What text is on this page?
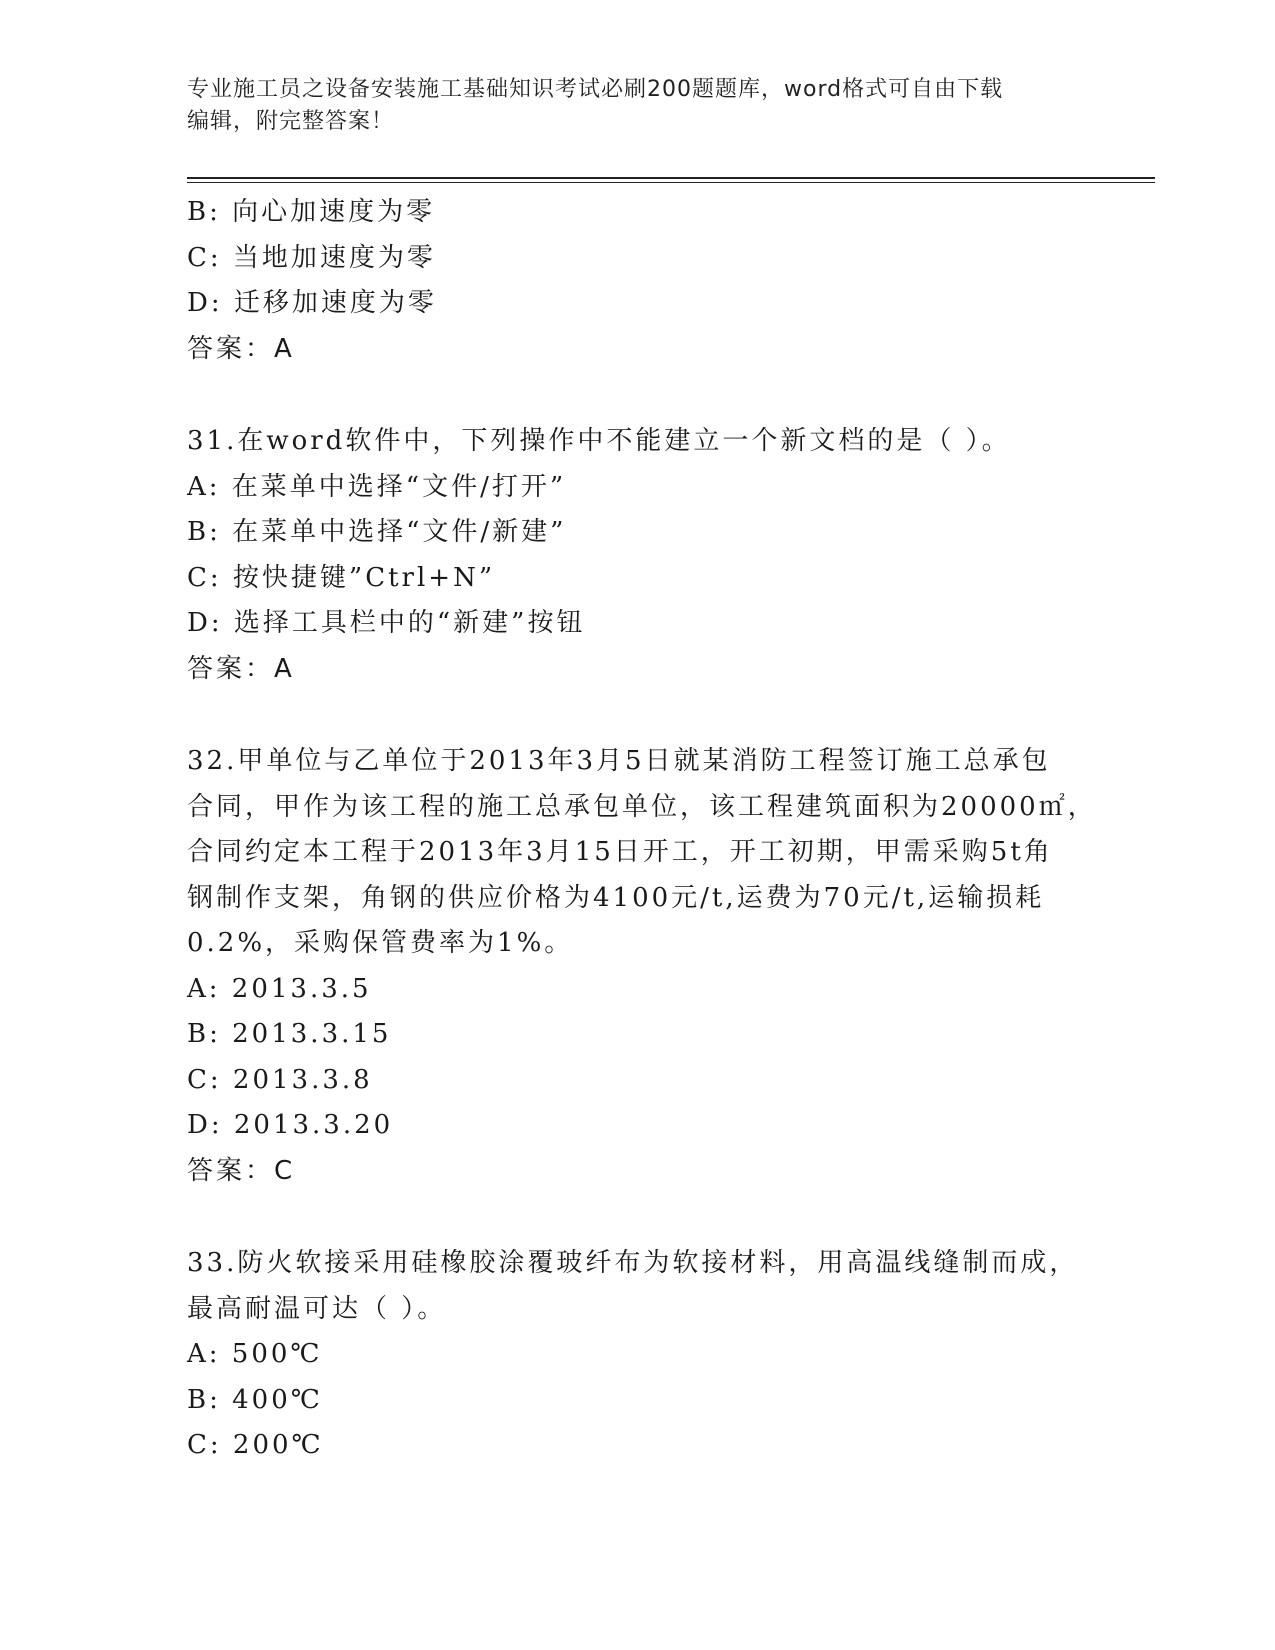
专业施工员之设备安装施工基础知识考试必刷200题题库，word格式可自由下载
编辑，附完整答案！
B: 向心加速度为零
C: 当地加速度为零
D: 迁移加速度为零
答案：A
31.在word软件中，下列操作中不能建立一个新文档的是（ ）。
A: 在菜单中选择“文件/打开”
B: 在菜单中选择“文件/新建”
C: 按快捷键”Ctrl+N”
D: 选择工具栏中的“新建”按钮
答案：A
32.甲单位与乙单位于2013年3月5日就某消防工程签订施工总承包
合同，甲作为该工程的施工总承包单位，该工程建筑面积为20000㎡，
合同约定本工程于2013年3月15日开工，开工初期，甲需采购5t角
钢制作支架，角钢的供应价格为4100元/t,运费为70元/t,运输损耗
0.2%，采购保管费率为1%。
A: 2013.3.5
B: 2013.3.15
C: 2013.3.8
D: 2013.3.20
答案：C
33.防火软接采用硅橡胶涂覆玻纤布为软接材料，用高温线缝制而成，
最高耐温可达（ ）。
A: 500℃
B: 400℃
C: 200℃
